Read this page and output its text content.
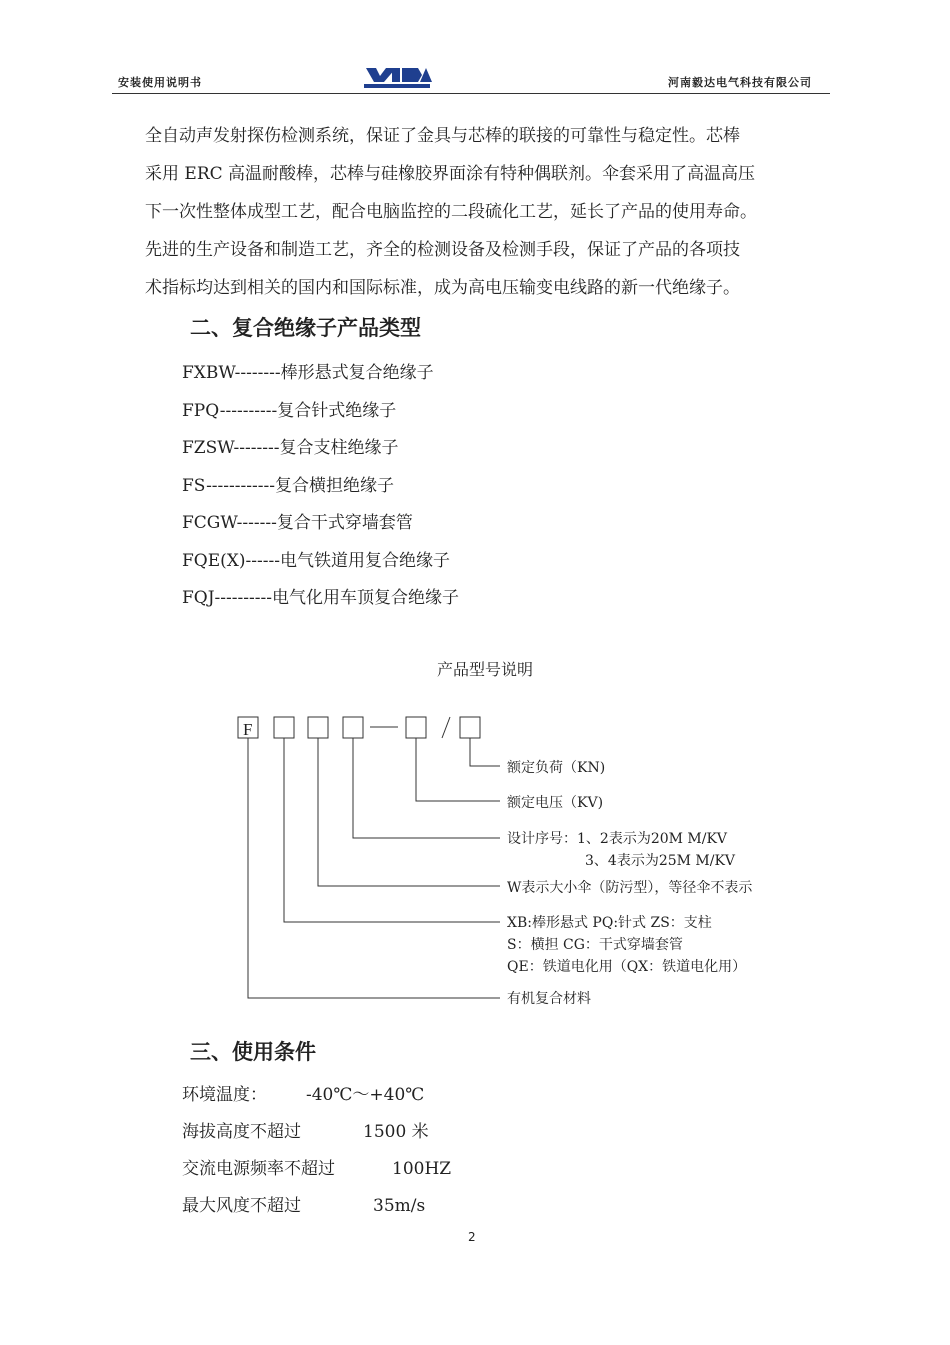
安装使用说明书	河南毅达电气科技有限公司

全自动声发射探伤检测系统，保证了金具与芯棒的联接的可靠性与稳定性。芯棒

采用 ERC 高温耐酸棒，芯棒与硅橡胶界面涂有特种偶联剂。伞套采用了高温高压

下一次性整体成型工艺，配合电脑监控的二段硫化工艺，延长了产品的使用寿命。

先进的生产设备和制造工艺，齐全的检测设备及检测手段，保证了产品的各项技

术指标均达到相关的国内和国际标准，成为高电压输变电线路的新一代绝缘子。

二、复合绝缘子产品类型
FXBW--------棒形悬式复合绝缘子
FPQ----------复合针式绝缘子
FZSW--------复合支柱绝缘子
FS------------复合横担绝缘子
FCGW-------复合干式穿墙套管
FQE(X)------电气铁道用复合绝缘子
FQJ----------电气化用车顶复合绝缘子
产品型号说明
F
额定负荷（KN)
额定电压（KV)
设计序号：1、2表示为20M M/KV
3、4表示为25M M/KV
W表示大小伞（防污型），等径伞不表示
XB:棒形悬式 PQ:针式 ZS：支柱
S：横担 CG：干式穿墙套管
QE：铁道电化用（QX：铁道电化用）
有机复合材料
三、使用条件
环境温度： -40℃～+40℃
海拔高度不超过	1500 米
交流电源频率不超过	100HZ
最大风度不超过	35m/s
2
